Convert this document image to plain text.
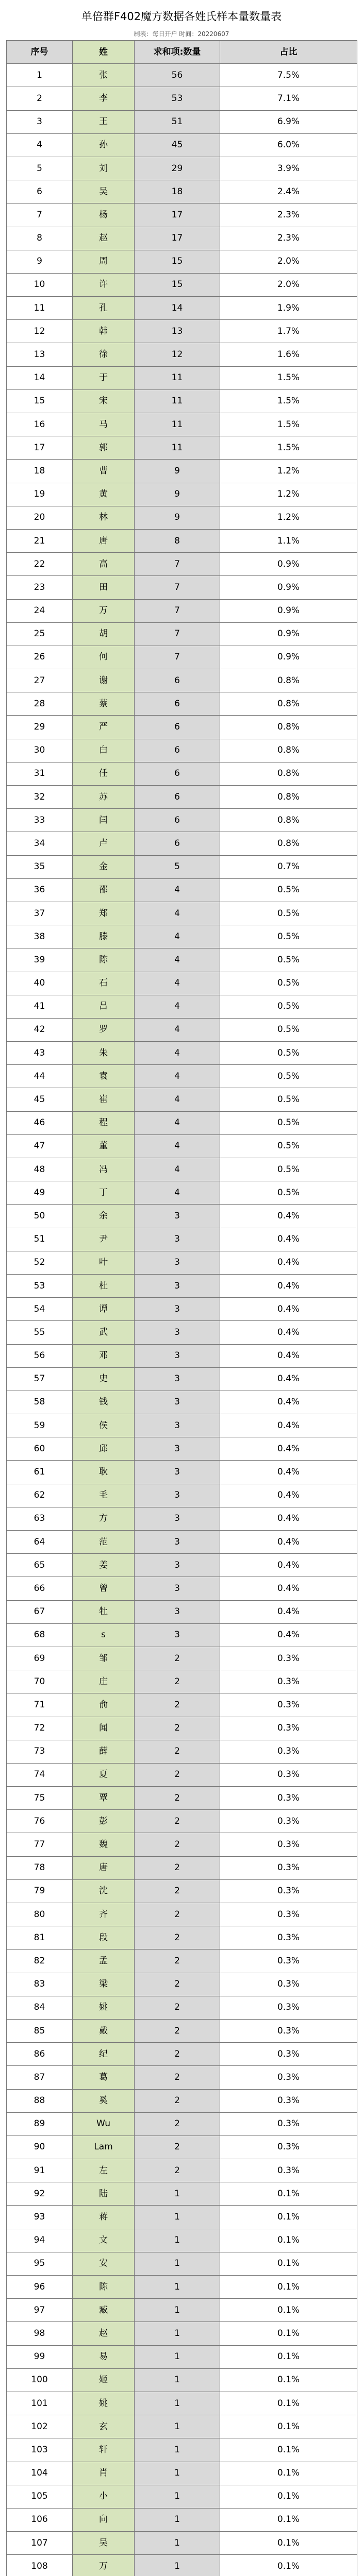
单倍群F402魔方数据各姓氏样本量数量表
制表：每日开户 时间：20220607
序号	姓	求和项:数量	占比
1	张	56	7.5%
2	李	53	7.1%
3	王	51	6.9%
4	孙	45	6.0%
5	刘	29	3.9%
6	吴	18	2.4%
7	杨	17	2.3%
8	赵	17	2.3%
9	周	15	2.0%
10	许	15	2.0%
11	孔	14	1.9%
12	韩	13	1.7%
13	徐	12	1.6%
14	于	11	1.5%
15	宋	11	1.5%
16	马	11	1.5%
17	郭	11	1.5%
18	曹	9	1.2%
19	黄	9	1.2%
20	林	9	1.2%
21	唐	8	1.1%
22	高	7	0.9%
23	田	7	0.9%
24	万	7	0.9%
25	胡	7	0.9%
26	何	7	0.9%
27	谢	6	0.8%
28	蔡	6	0.8%
29	严	6	0.8%
30	白	6	0.8%
31	任	6	0.8%
32	苏	6	0.8%
33	闫	6	0.8%
34	卢	6	0.8%
35	金	5	0.7%
36	邵	4	0.5%
37	郑	4	0.5%
38	滕	4	0.5%
39	陈	4	0.5%
40	石	4	0.5%
41	吕	4	0.5%
42	罗	4	0.5%
43	朱	4	0.5%
44	袁	4	0.5%
45	崔	4	0.5%
46	程	4	0.5%
47	董	4	0.5%
48	冯	4	0.5%
49	丁	4	0.5%
50	余	3	0.4%
51	尹	3	0.4%
52	叶	3	0.4%
53	杜	3	0.4%
54	谭	3	0.4%
55	武	3	0.4%
56	邓	3	0.4%
57	史	3	0.4%
58	钱	3	0.4%
59	侯	3	0.4%
60	邱	3	0.4%
61	耿	3	0.4%
62	毛	3	0.4%
63	方	3	0.4%
64	范	3	0.4%
65	姜	3	0.4%
66	曾	3	0.4%
67	牡	3	0.4%
68	s	3	0.4%
69	邹	2	0.3%
70	庄	2	0.3%
71	俞	2	0.3%
72	闻	2	0.3%
73	薛	2	0.3%
74	夏	2	0.3%
75	覃	2	0.3%
76	彭	2	0.3%
77	魏	2	0.3%
78	唐	2	0.3%
79	沈	2	0.3%
80	齐	2	0.3%
81	段	2	0.3%
82	孟	2	0.3%
83	梁	2	0.3%
84	姚	2	0.3%
85	戴	2	0.3%
86	纪	2	0.3%
87	葛	2	0.3%
88	奚	2	0.3%
89	Wu	2	0.3%
90	Lam	2	0.3%
91	左	2	0.3%
92	陆	1	0.1%
93	蒋	1	0.1%
94	文	1	0.1%
95	安	1	0.1%
96	陈	1	0.1%
97	臧	1	0.1%
98	赵	1	0.1%
99	易	1	0.1%
100	姬	1	0.1%
101	姚	1	0.1%
102	玄	1	0.1%
103	轩	1	0.1%
104	肖	1	0.1%
105	小	1	0.1%
106	向	1	0.1%
107	吴	1	0.1%
108	万	1	0.1%
